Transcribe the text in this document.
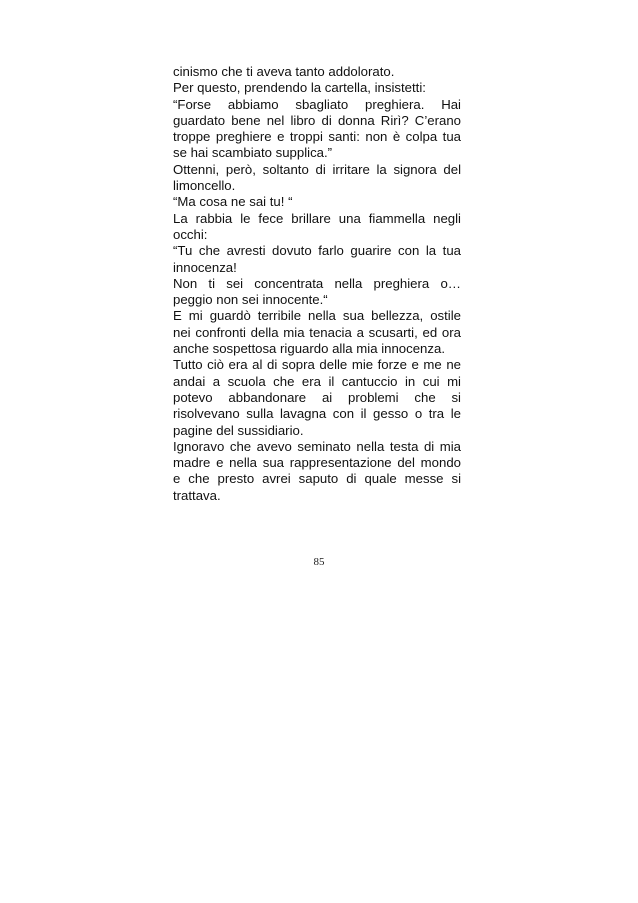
cinismo che ti aveva tanto addolorato.
Per questo, prendendo la cartella, insistetti:
“Forse abbiamo sbagliato preghiera. Hai
guardato bene nel libro di donna Rirì? C’erano
troppe preghiere e troppi santi: non è colpa tua
se hai scambiato supplica.”
Ottenni, però, soltanto di irritare la signora del
limoncello.
“Ma cosa ne sai tu! “
La rabbia le fece brillare una fiammella negli
occhi:
“Tu che avresti dovuto farlo guarire con la tua
innocenza!
Non ti sei concentrata nella preghiera o…
peggio non sei innocente.“
E mi guardò terribile nella sua bellezza, ostile
nei confronti della mia tenacia a scusarti, ed ora
anche sospettosa riguardo alla mia innocenza.
Tutto ciò era al di sopra delle mie forze e me ne
andai a scuola che era il cantuccio in cui mi
potevo abbandonare ai problemi che si
risolvevano sulla lavagna con il gesso o tra le
pagine del sussidiario.
Ignoravo che avevo seminato nella testa di mia
madre e nella sua rappresentazione del mondo
e che presto avrei saputo di quale messe si
trattava.
85
